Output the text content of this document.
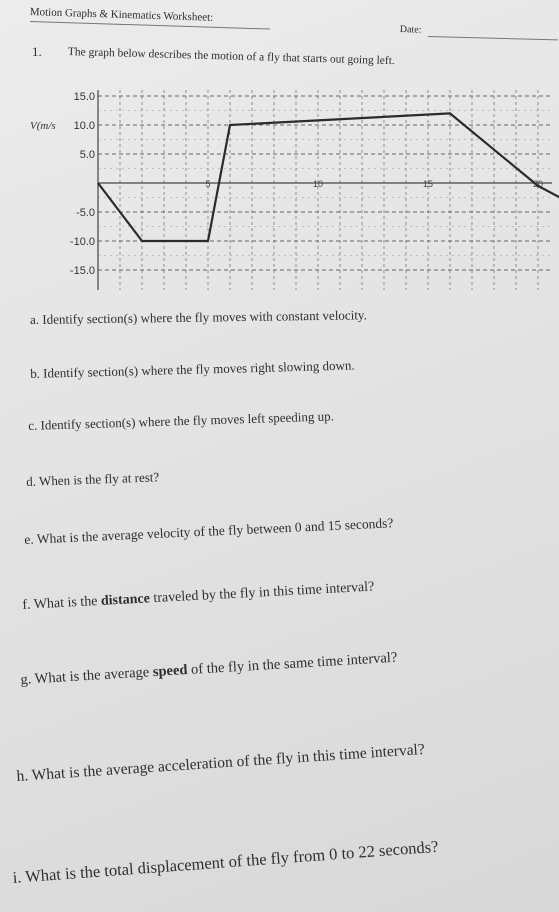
Motion Graphs & Kinematics Worksheet:
Date:
1. The graph below describes the motion of a fly that starts out going left.
15.0
10.0
5.0
-5.0
-10.0
-15.0
V(m/s
5	10	15	20
a. Identify section(s) where the fly moves with constant velocity.
b. Identify section(s) where the fly moves right slowing down.
c. Identify section(s) where the fly moves left speeding up.
d. When is the fly at rest?
e. What is the average velocity of the fly between 0 and 15 seconds?
f. What is the distance traveled by the fly in this time interval?
g. What is the average speed of the fly in the same time interval?
h. What is the average acceleration of the fly in this time interval?
i. What is the total displacement of the fly from 0 to 22 seconds?
